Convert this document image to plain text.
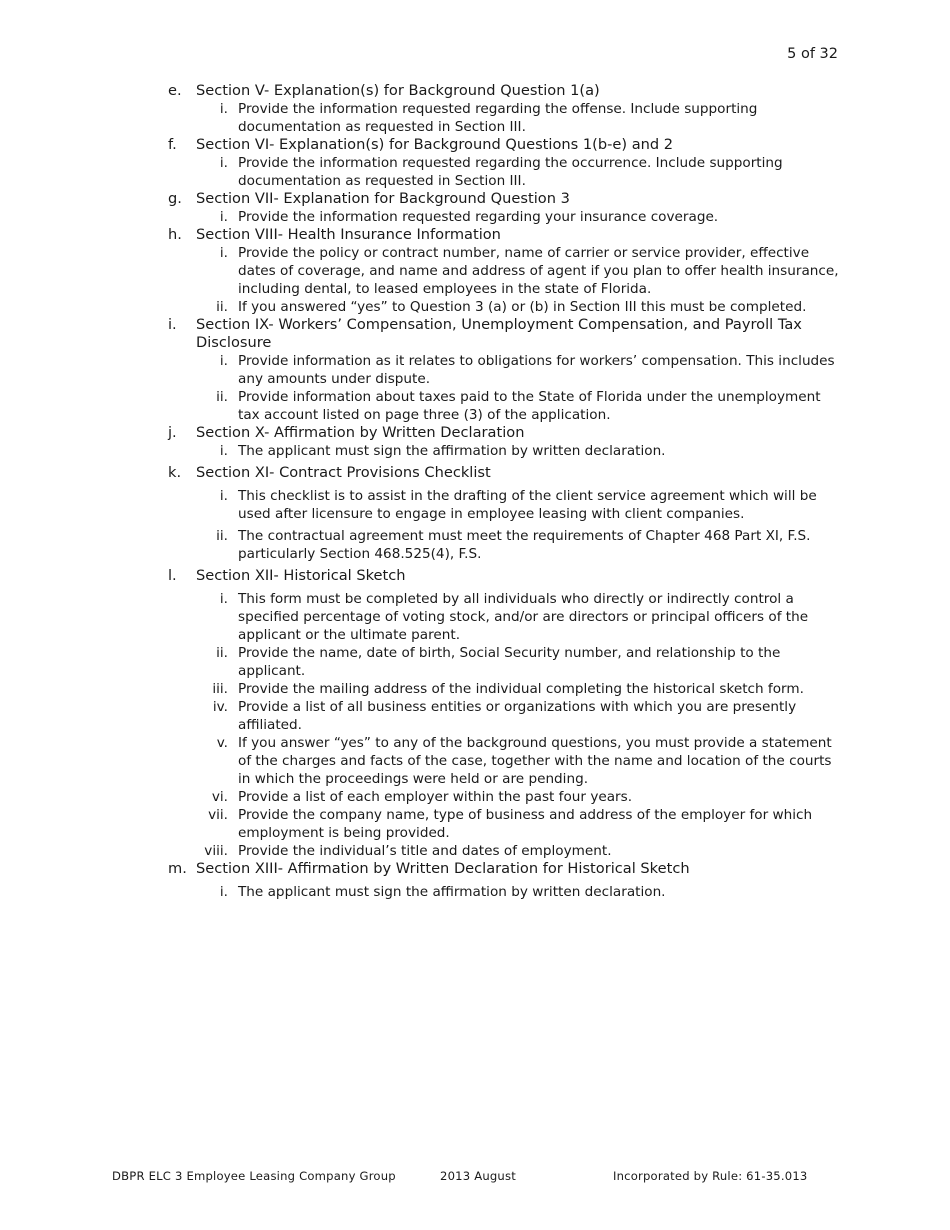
5 of 32
e. Section V- Explanation(s) for Background Question 1(a)
i. Provide the information requested regarding the offense. Include supporting documentation as requested in Section III.
f.	Section VI- Explanation(s) for Background Questions 1(b-e) and 2
i. Provide the information requested regarding the occurrence. Include supporting documentation as requested in Section III.
g. Section VII- Explanation for Background Question 3
i. Provide the information requested regarding your insurance coverage.
h. Section VIII- Health Insurance Information
i. Provide the policy or contract number, name of carrier or service provider, effective dates of coverage, and name and address of agent if you plan to offer health insurance, including dental, to leased employees in the state of Florida.
ii. If you answered “yes” to Question 3 (a) or (b) in Section III this must be completed.
i.	Section IX- Workers’ Compensation, Unemployment Compensation, and Payroll Tax Disclosure
i. Provide information as it relates to obligations for workers’ compensation. This includes any amounts under dispute.
ii. Provide information about taxes paid to the State of Florida under the unemployment tax account listed on page three (3) of the application.
j.	Section X- Affirmation by Written Declaration
i. The applicant must sign the affirmation by written declaration.
k.	Section XI- Contract Provisions Checklist
i. This checklist is to assist in the drafting of the client service agreement which will be used after licensure to engage in employee leasing with client companies.
ii. The contractual agreement must meet the requirements of Chapter 468 Part XI, F.S. particularly Section 468.525(4), F.S.
l.	Section XII- Historical Sketch
i. This form must be completed by all individuals who directly or indirectly control a specified percentage of voting stock, and/or are directors or principal officers of the applicant or the ultimate parent.
ii. Provide the name, date of birth, Social Security number, and relationship to the applicant.
iii. Provide the mailing address of the individual completing the historical sketch form.
iv. Provide a list of all business entities or organizations with which you are presently affiliated.
v. If you answer “yes” to any of the background questions, you must provide a statement of the charges and facts of the case, together with the name and location of the courts in which the proceedings were held or are pending.
vi. Provide a list of each employer within the past four years.
vii. Provide the company name, type of business and address of the employer for which employment is being provided.
viii. Provide the individual’s title and dates of employment.
m. Section XIII- Affirmation by Written Declaration for Historical Sketch
i. The applicant must sign the affirmation by written declaration.
DBPR ELC 3 Employee Leasing Company Group	2013 August	Incorporated by Rule: 61-35.013
